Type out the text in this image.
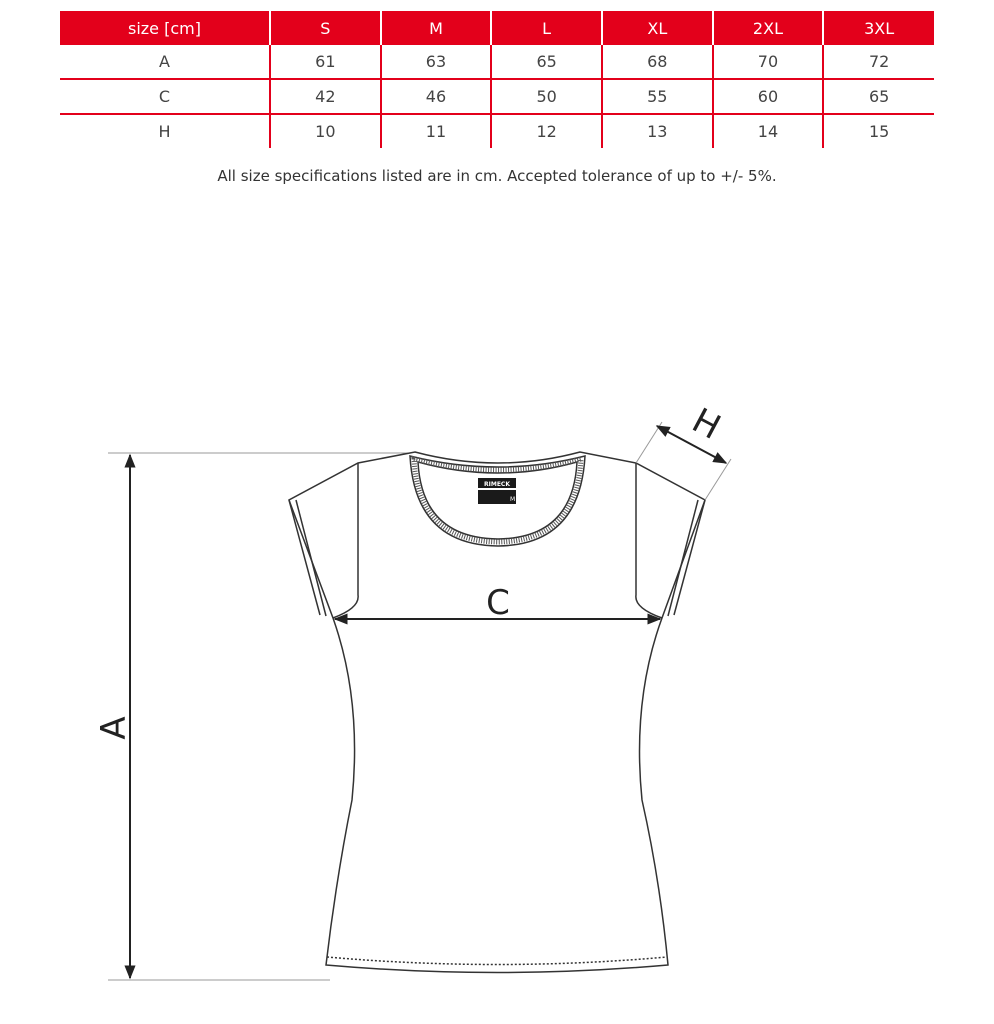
size [cm]	S	M	L	XL	2XL	3XL
A	61	63	65	68	70	72
C	42	46	50	55	60	65
H	10	11	12	13	14	15
All size specifications listed are in cm. Accepted tolerance of up to +/- 5%.
A
RIMECK
M
C
H
